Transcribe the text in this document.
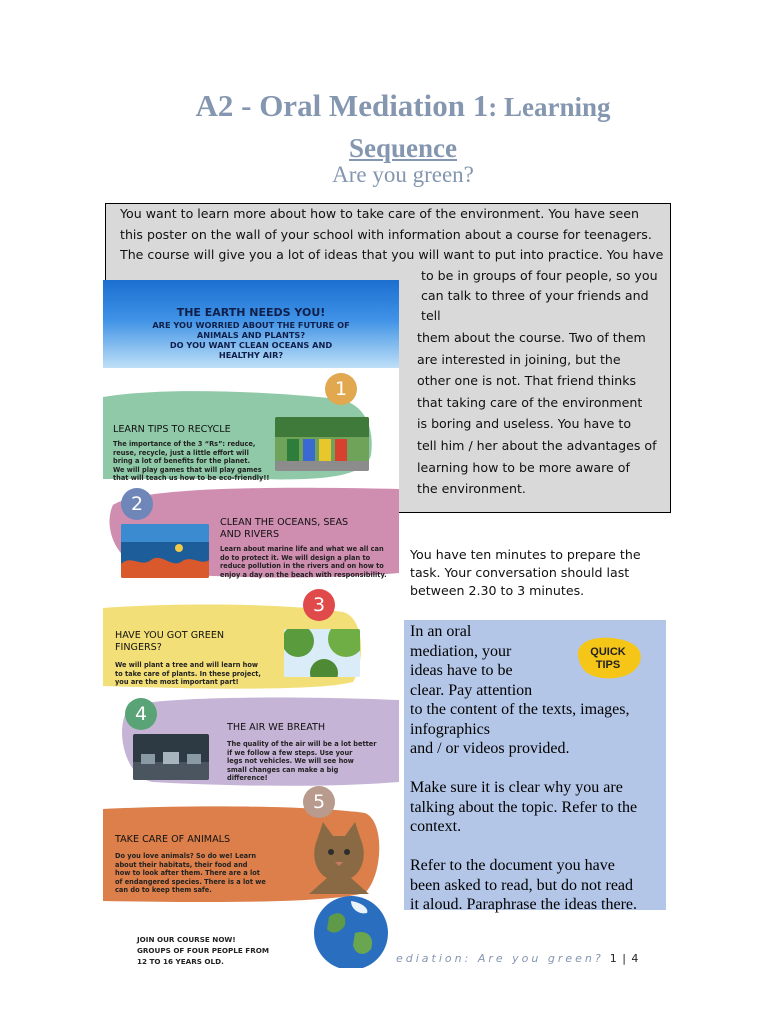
A2 - Oral Mediation 1: Learning
Sequence
Are you green?
You want to learn more about how to take care of the environment. You have seen
this poster on the wall of your school with information about a course for teenagers.
The course will give you a lot of ideas that you will want to put into practice. You have
to be in groups of four people, so you
can talk to three of your friends and
tell
them about the course. Two of them
are interested in joining, but the
other one is not. That friend thinks
that taking care of the environment
is boring and useless. You have to
tell him / her about the advantages of
learning how to be more aware of
the environment.
THE EARTH NEEDS YOU!
ARE YOU WORRIED ABOUT THE FUTURE OF
ANIMALS AND PLANTS?
DO YOU WANT CLEAN OCEANS AND
HEALTHY AIR?
1
LEARN TIPS TO RECYCLE
The importance of the 3 “Rs”: reduce,
reuse, recycle, just a little effort will
bring a lot of benefits for the planet.
We will play games that will play games
that will teach us how to be eco-friendly!!
2
CLEAN THE OCEANS, SEAS
AND RIVERS
Learn about marine life and what we all can
do to protect it. We will design a plan to
reduce pollution in the rivers and on how to
enjoy a day on the beach with responsibility.
3
HAVE YOU GOT GREEN
FINGERS?
We will plant a tree and will learn how
to take care of plants. In these project,
you are the most important part!
4
THE AIR WE BREATH
The quality of the air will be a lot better
if we follow a few steps. Use your
legs not vehicles. We will see how
small changes can make a big
difference!
5
TAKE CARE OF ANIMALS
Do you love animals? So do we! Learn
about their habitats, their food and
how to look after them. There are a lot
of endangered species. There is a lot we
can do to keep them safe.
JOIN OUR COURSE NOW!
GROUPS OF FOUR PEOPLE FROM
12 TO 16 YEARS OLD.
You have ten minutes to prepare the
task. Your conversation should last
between 2.30 to 3 minutes.
QUICK
TIPS
In an oral
mediation, your
ideas have to be
clear. Pay attention
to the content of the texts, images,
infographics
and / or videos provided.
Make sure it is clear why you are
talking about the topic. Refer to the
context.
Refer to the document you have
been asked to read, but do not read
it aloud. Paraphrase the ideas there.
ediation: Are you green? 1 | 4
